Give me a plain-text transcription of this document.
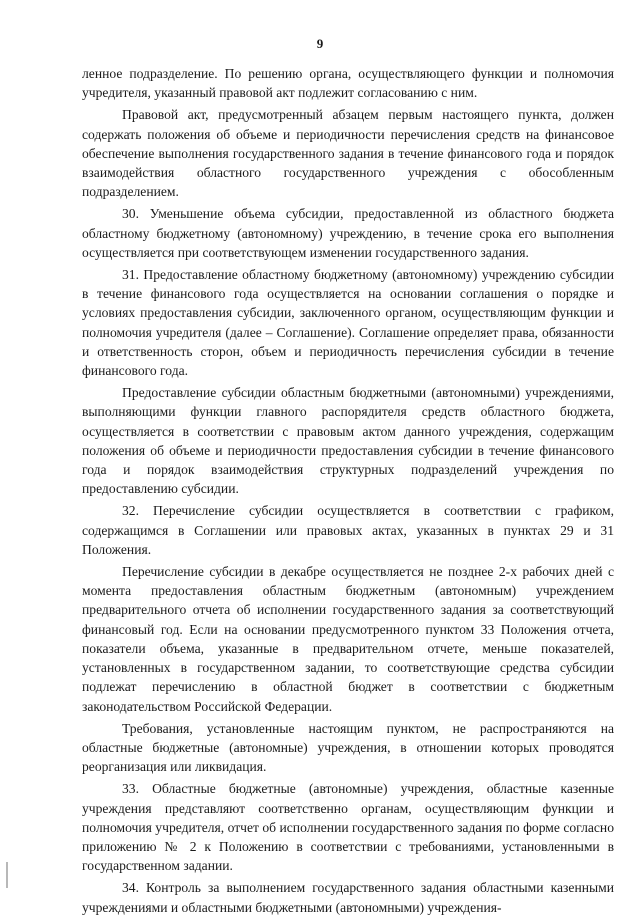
9

ленное подразделение. По решению органа, осуществляющего функции и полномочия учредителя, указанный правовой акт подлежит согласованию с ним.

Правовой акт, предусмотренный абзацем первым настоящего пункта, должен содержать положения об объеме и периодичности перечисления средств на финансовое обеспечение выполнения государственного задания в течение финансового года и порядок взаимодействия областного государственного учреждения с обособленным подразделением.

30. Уменьшение объема субсидии, предоставленной из областного бюджета областному бюджетному (автономному) учреждению, в течение срока его выполнения осуществляется при соответствующем изменении государственного задания.

31. Предоставление областному бюджетному (автономному) учреждению субсидии в течение финансового года осуществляется на основании соглашения о порядке и условиях предоставления субсидии, заключенного органом, осуществляющим функции и полномочия учредителя (далее – Соглашение). Соглашение определяет права, обязанности и ответственность сторон, объем и периодичность перечисления субсидии в течение финансового года.

Предоставление субсидии областным бюджетными (автономными) учреждениями, выполняющими функции главного распорядителя средств областного бюджета, осуществляется в соответствии с правовым актом данного учреждения, содержащим положения об объеме и периодичности предоставления субсидии в течение финансового года и порядок взаимодействия структурных подразделений учреждения по предоставлению субсидии.

32. Перечисление субсидии осуществляется в соответствии с графиком, содержащимся в Соглашении или правовых актах, указанных в пунктах 29 и 31 Положения.

Перечисление субсидии в декабре осуществляется не позднее 2-х рабочих дней с момента предоставления областным бюджетным (автономным) учреждением предварительного отчета об исполнении государственного задания за соответствующий финансовый год. Если на основании предусмотренного пунктом 33 Положения отчета, показатели объема, указанные в предварительном отчете, меньше показателей, установленных в государственном задании, то соответствующие средства субсидии подлежат перечислению в областной бюджет в соответствии с бюджетным законодательством Российской Федерации.

Требования, установленные настоящим пунктом, не распространяются на областные бюджетные (автономные) учреждения, в отношении которых проводятся реорганизация или ликвидация.

33. Областные бюджетные (автономные) учреждения, областные казенные учреждения представляют соответственно органам, осуществляющим функции и полномочия учредителя, отчет об исполнении государственного задания по форме согласно приложению № 2 к Положению в соответствии с требованиями, установленными в государственном задании.

34. Контроль за выполнением государственного задания областными казенными учреждениями и областными бюджетными (автономными) учреждения-
